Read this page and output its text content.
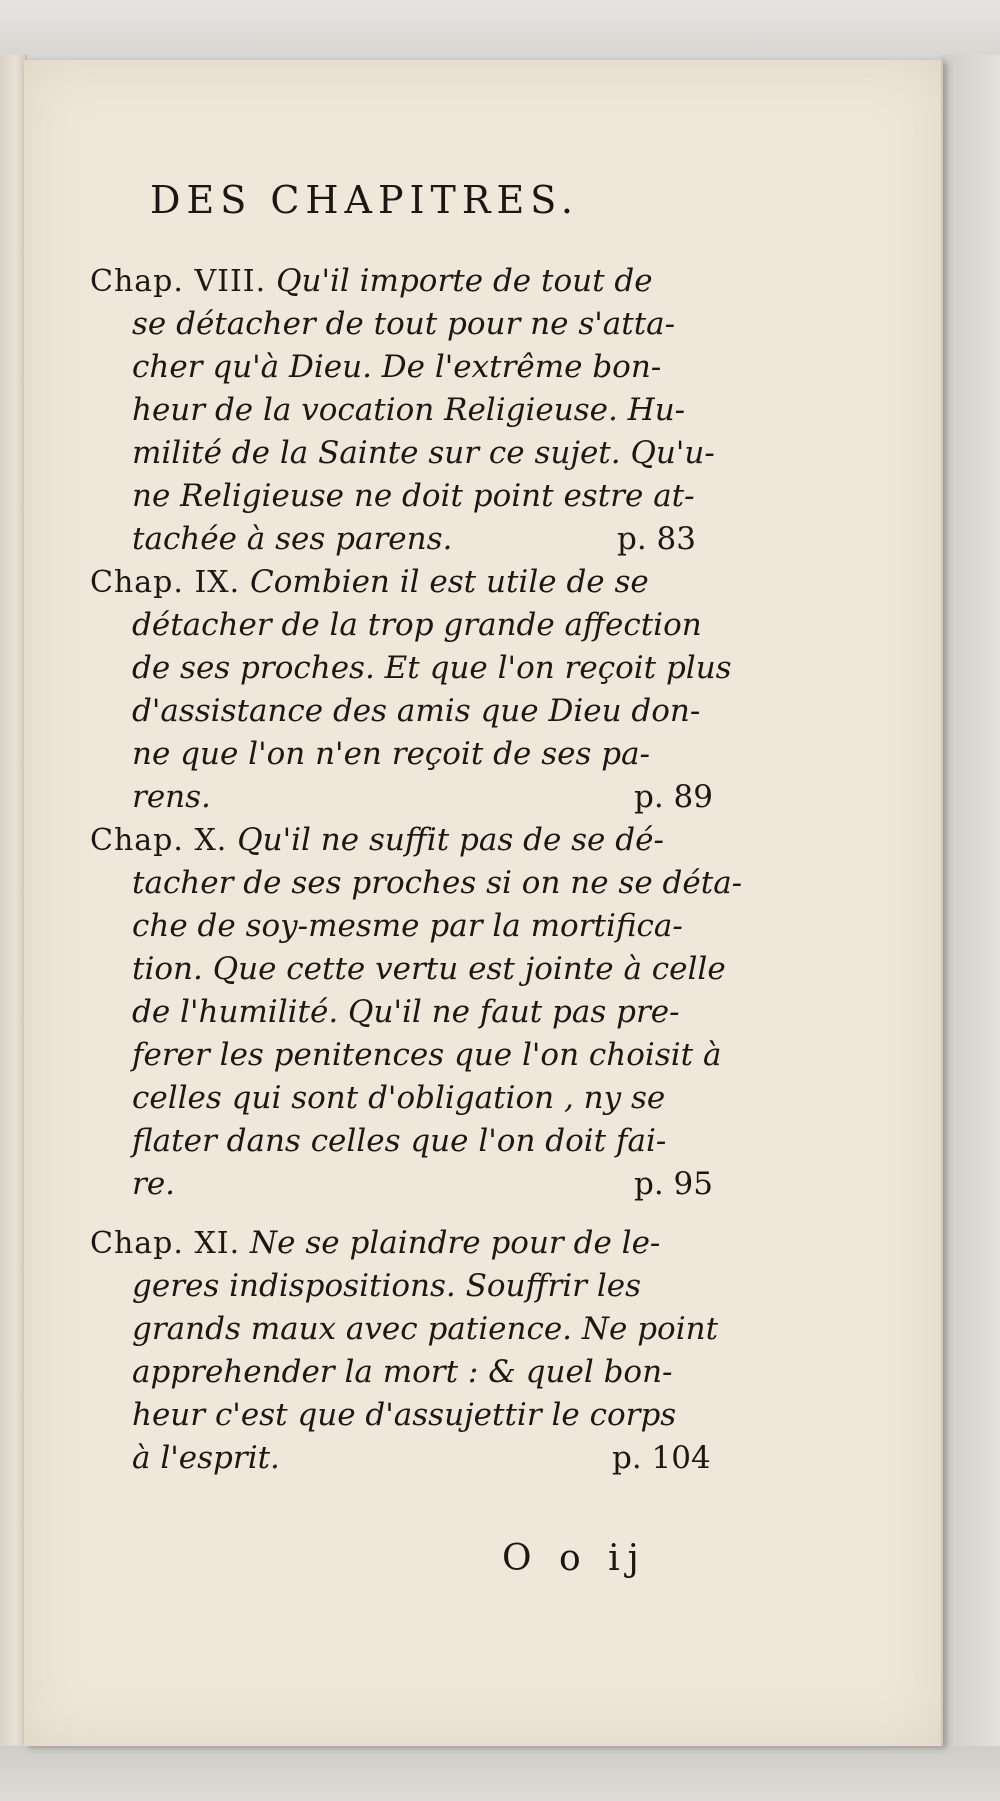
DES CHAPITRES.
Chap. VIII. Qu'il importe de tout de
se détacher de tout pour ne s'atta-
cher qu'à Dieu. De l'extrême bon-
heur de la vocation Religieuse. Hu-
milité de la Sainte sur ce sujet. Qu'u-
ne Religieuse ne doit point estre at-
tachée à ses parens.	p. 83
Chap. IX. Combien il est utile de se
détacher de la trop grande affection
de ses proches. Et que l'on reçoit plus
d'assistance des amis que Dieu don-
ne que l'on n'en reçoit de ses pa-
rens.	p. 89
Chap. X. Qu'il ne suffit pas de se dé-
tacher de ses proches si on ne se déta-
che de soy-mesme par la mortifica-
tion. Que cette vertu est jointe à celle
de l'humilité. Qu'il ne faut pas pre-
ferer les penitences que l'on choisit à
celles qui sont d'obligation , ny se
flater dans celles que l'on doit fai-
re.	p. 95
Chap. XI. Ne se plaindre pour de le-
geres indispositions. Souffrir les
grands maux avec patience. Ne point
apprehender la mort : & quel bon-
heur c'est que d'assujettir le corps
à l'esprit.	p. 104
O o ij
